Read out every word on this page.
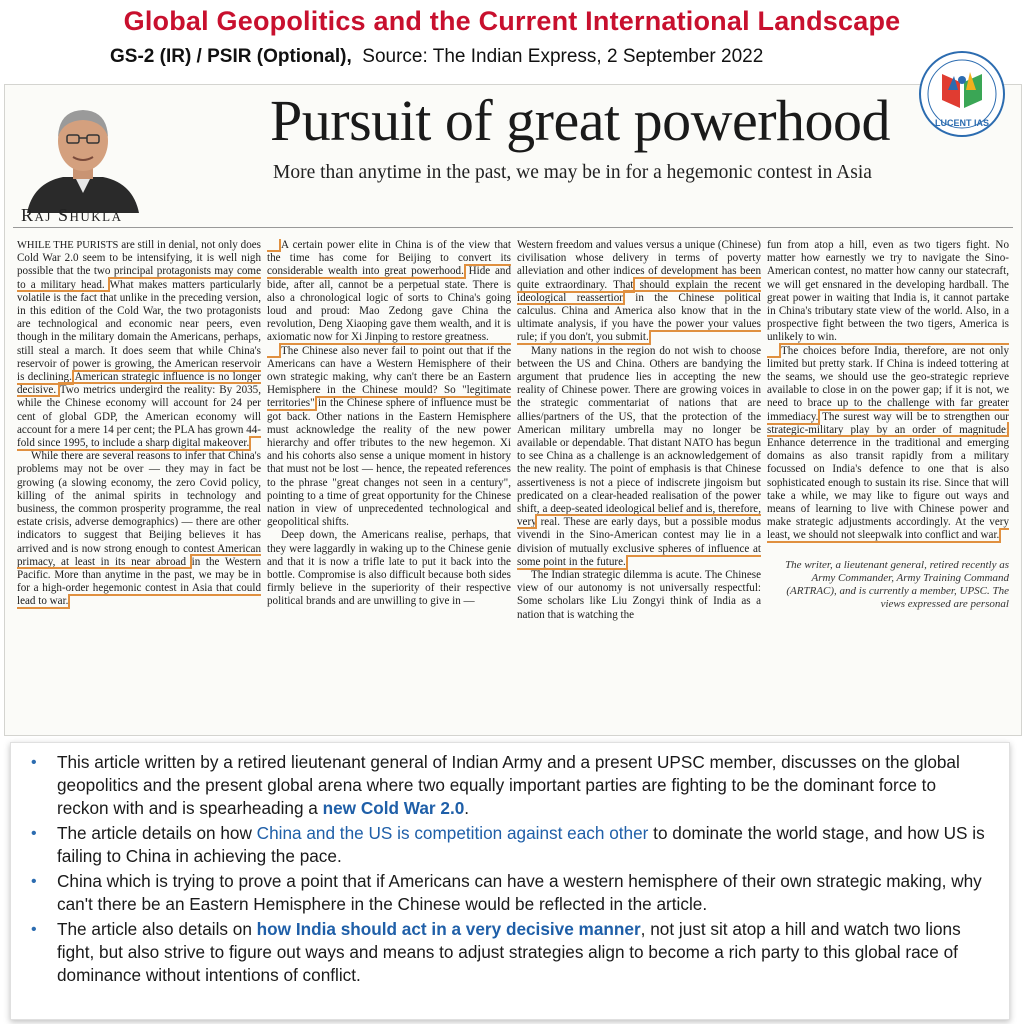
Global Geopolitics and the Current International Landscape
GS-2 (IR) / PSIR (Optional), Source: The Indian Express, 2 September 2022
Raj Shukla
Pursuit of great powerhood
More than anytime in the past, we may be in for a hegemonic contest in Asia

WHILE THE PURISTS are still in denial, not only does Cold War 2.0 seem to be intensifying, it is well nigh possible that the two principal protagonists may come to a military head. What makes matters particularly volatile is the fact that unlike in the preceding version, in this edition of the Cold War, the two protagonists are technological and economic near peers, even though in the military domain the Americans, perhaps, still steal a march. It does seem that while China's reservoir of power is growing, the American reservoir is declining. American strategic influence is no longer decisive. Two metrics undergird the reality: By 2035, while the Chinese economy will account for 24 per cent of global GDP, the American economy will account for a mere 14 per cent; the PLA has grown 44-fold since 1995, to include a sharp digital makeover.

While there are several reasons to infer that China's problems may not be over — they may in fact be growing (a slowing economy, the zero Covid policy, killing of the animal spirits in technology and business, the common prosperity programme, the real estate crisis, adverse demographics) — there are other indicators to suggest that Beijing believes it has arrived and is now strong enough to contest American primacy, at least in its near abroad in the Western Pacific. More than anytime in the past, we may be in for a high-order hegemonic contest in Asia that could lead to war.

A certain power elite in China is of the view that the time has come for Beijing to convert its considerable wealth into great powerhood. Hide and bide, after all, cannot be a perpetual state. There is also a chronological logic of sorts to China's going loud and proud: Mao Zedong gave China the revolution, Deng Xiaoping gave them wealth, and it is axiomatic now for Xi Jinping to restore greatness.

The Chinese also never fail to point out that if the Americans can have a Western Hemisphere of their own strategic making, why can't there be an Eastern Hemisphere in the Chinese mould? So "legitimate territories" in the Chinese sphere of influence must be got back. Other nations in the Eastern Hemisphere must acknowledge the reality of the new power hierarchy and offer tributes to the new hegemon. Xi and his cohorts also sense a unique moment in history that must not be lost — hence, the repeated references to the phrase "great changes not seen in a century", pointing to a time of great opportunity for the Chinese nation in view of unprecedented technological and geopolitical shifts.

Deep down, the Americans realise, perhaps, that they were laggardly in waking up to the Chinese genie and that it is now a trifle late to put it back into the bottle. Compromise is also difficult because both sides firmly believe in the superiority of their respective political brands and are unwilling to give in —

Western freedom and values versus a unique (Chinese) civilisation whose delivery in terms of poverty alleviation and other indices of development has been quite extraordinary. That should explain the recent ideological reassertion in the Chinese political calculus. China and America also know that in the ultimate analysis, if you have the power your values rule; if you don't, you submit.

Many nations in the region do not wish to choose between the US and China. Others are bandying the argument that prudence lies in accepting the new reality of Chinese power. There are growing voices in the strategic commentariat of nations that are allies/partners of the US, that the protection of the American military umbrella may no longer be available or dependable. That distant NATO has begun to see China as a challenge is an acknowledgement of the new reality. The point of emphasis is that Chinese assertiveness is not a piece of indiscrete jingoism but predicated on a clear-headed realisation of the power shift, a deep-seated ideological belief and is, therefore, very real. These are early days, but a possible modus vivendi in the Sino-American contest may lie in a division of mutually exclusive spheres of influence at some point in the future.

The Indian strategic dilemma is acute. The Chinese view of our autonomy is not universally respectful: Some scholars like Liu Zongyi think of India as a nation that is watching the

fun from atop a hill, even as two tigers fight. No matter how earnestly we try to navigate the Sino-American contest, no matter how canny our statecraft, we will get ensnared in the developing hardball. The great power in waiting that India is, it cannot partake in China's tributary state view of the world. Also, in a prospective fight between the two tigers, America is unlikely to win.

The choices before India, therefore, are not only limited but pretty stark. If China is indeed tottering at the seams, we should use the geo-strategic reprieve available to close in on the power gap; if it is not, we need to brace up to the challenge with far greater immediacy. The surest way will be to strengthen our strategic-military play by an order of magnitude: Enhance deterrence in the traditional and emerging domains as also transit rapidly from a military focussed on India's defence to one that is also sophisticated enough to sustain its rise. Since that will take a while, we may like to figure out ways and means of learning to live with Chinese power and make strategic adjustments accordingly. At the very least, we should not sleepwalk into conflict and war.

The writer, a lieutenant general, retired recently as Army Commander, Army Training Command (ARTRAC), and is currently a member, UPSC. The views expressed are personal
LUCENT IAS
• This article written by a retired lieutenant general of Indian Army and a present UPSC member, discusses on the global geopolitics and the present global arena where two equally important parties are fighting to be the dominant force to reckon with and is spearheading a new Cold War 2.0.
• The article details on how China and the US is competition against each other to dominate the world stage, and how US is failing to China in achieving the pace.
• China which is trying to prove a point that if Americans can have a western hemisphere of their own strategic making, why can't there be an Eastern Hemisphere in the Chinese would be reflected in the article.
• The article also details on how India should act in a very decisive manner, not just sit atop a hill and watch two lions fight, but also strive to figure out ways and means to adjust strategies align to become a rich party to this global race of dominance without intentions of conflict.
